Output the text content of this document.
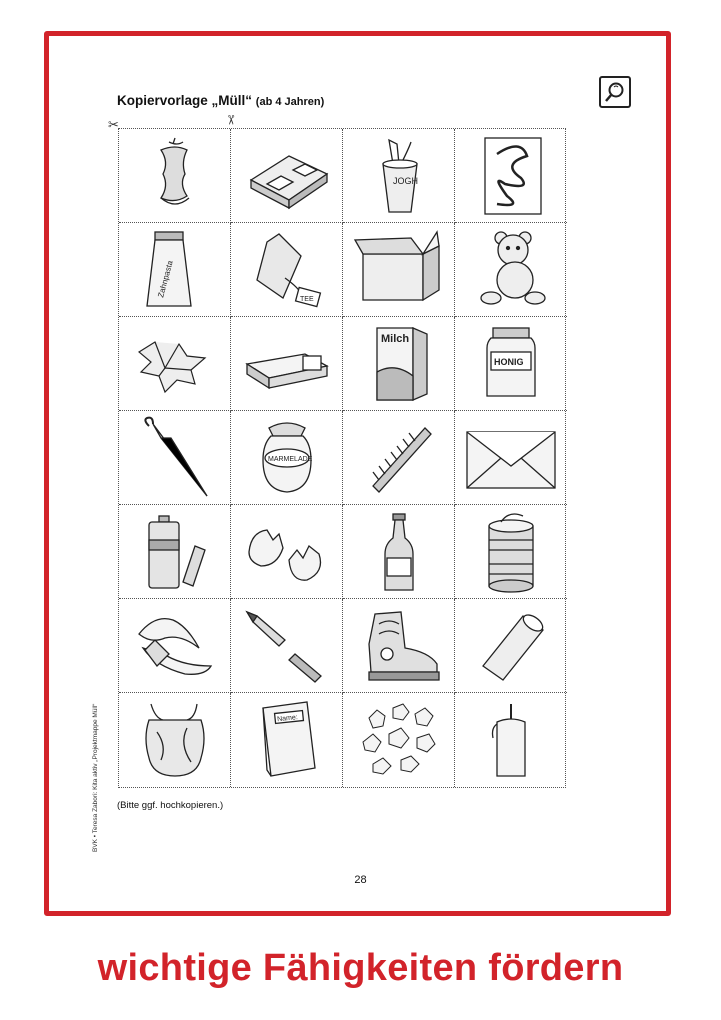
Kopiervorlage „Müll“ (ab 4 Jahren)
✂	✂
JOGH
Zahnpasta
TEE
Milch
HONIG
MARMELADE
Name:
(Bitte ggf. hochkopieren.)
BVK • Teresa Zabori: Kita aktiv „Projektmappe Müll“
28
wichtige Fähigkeiten fördern
